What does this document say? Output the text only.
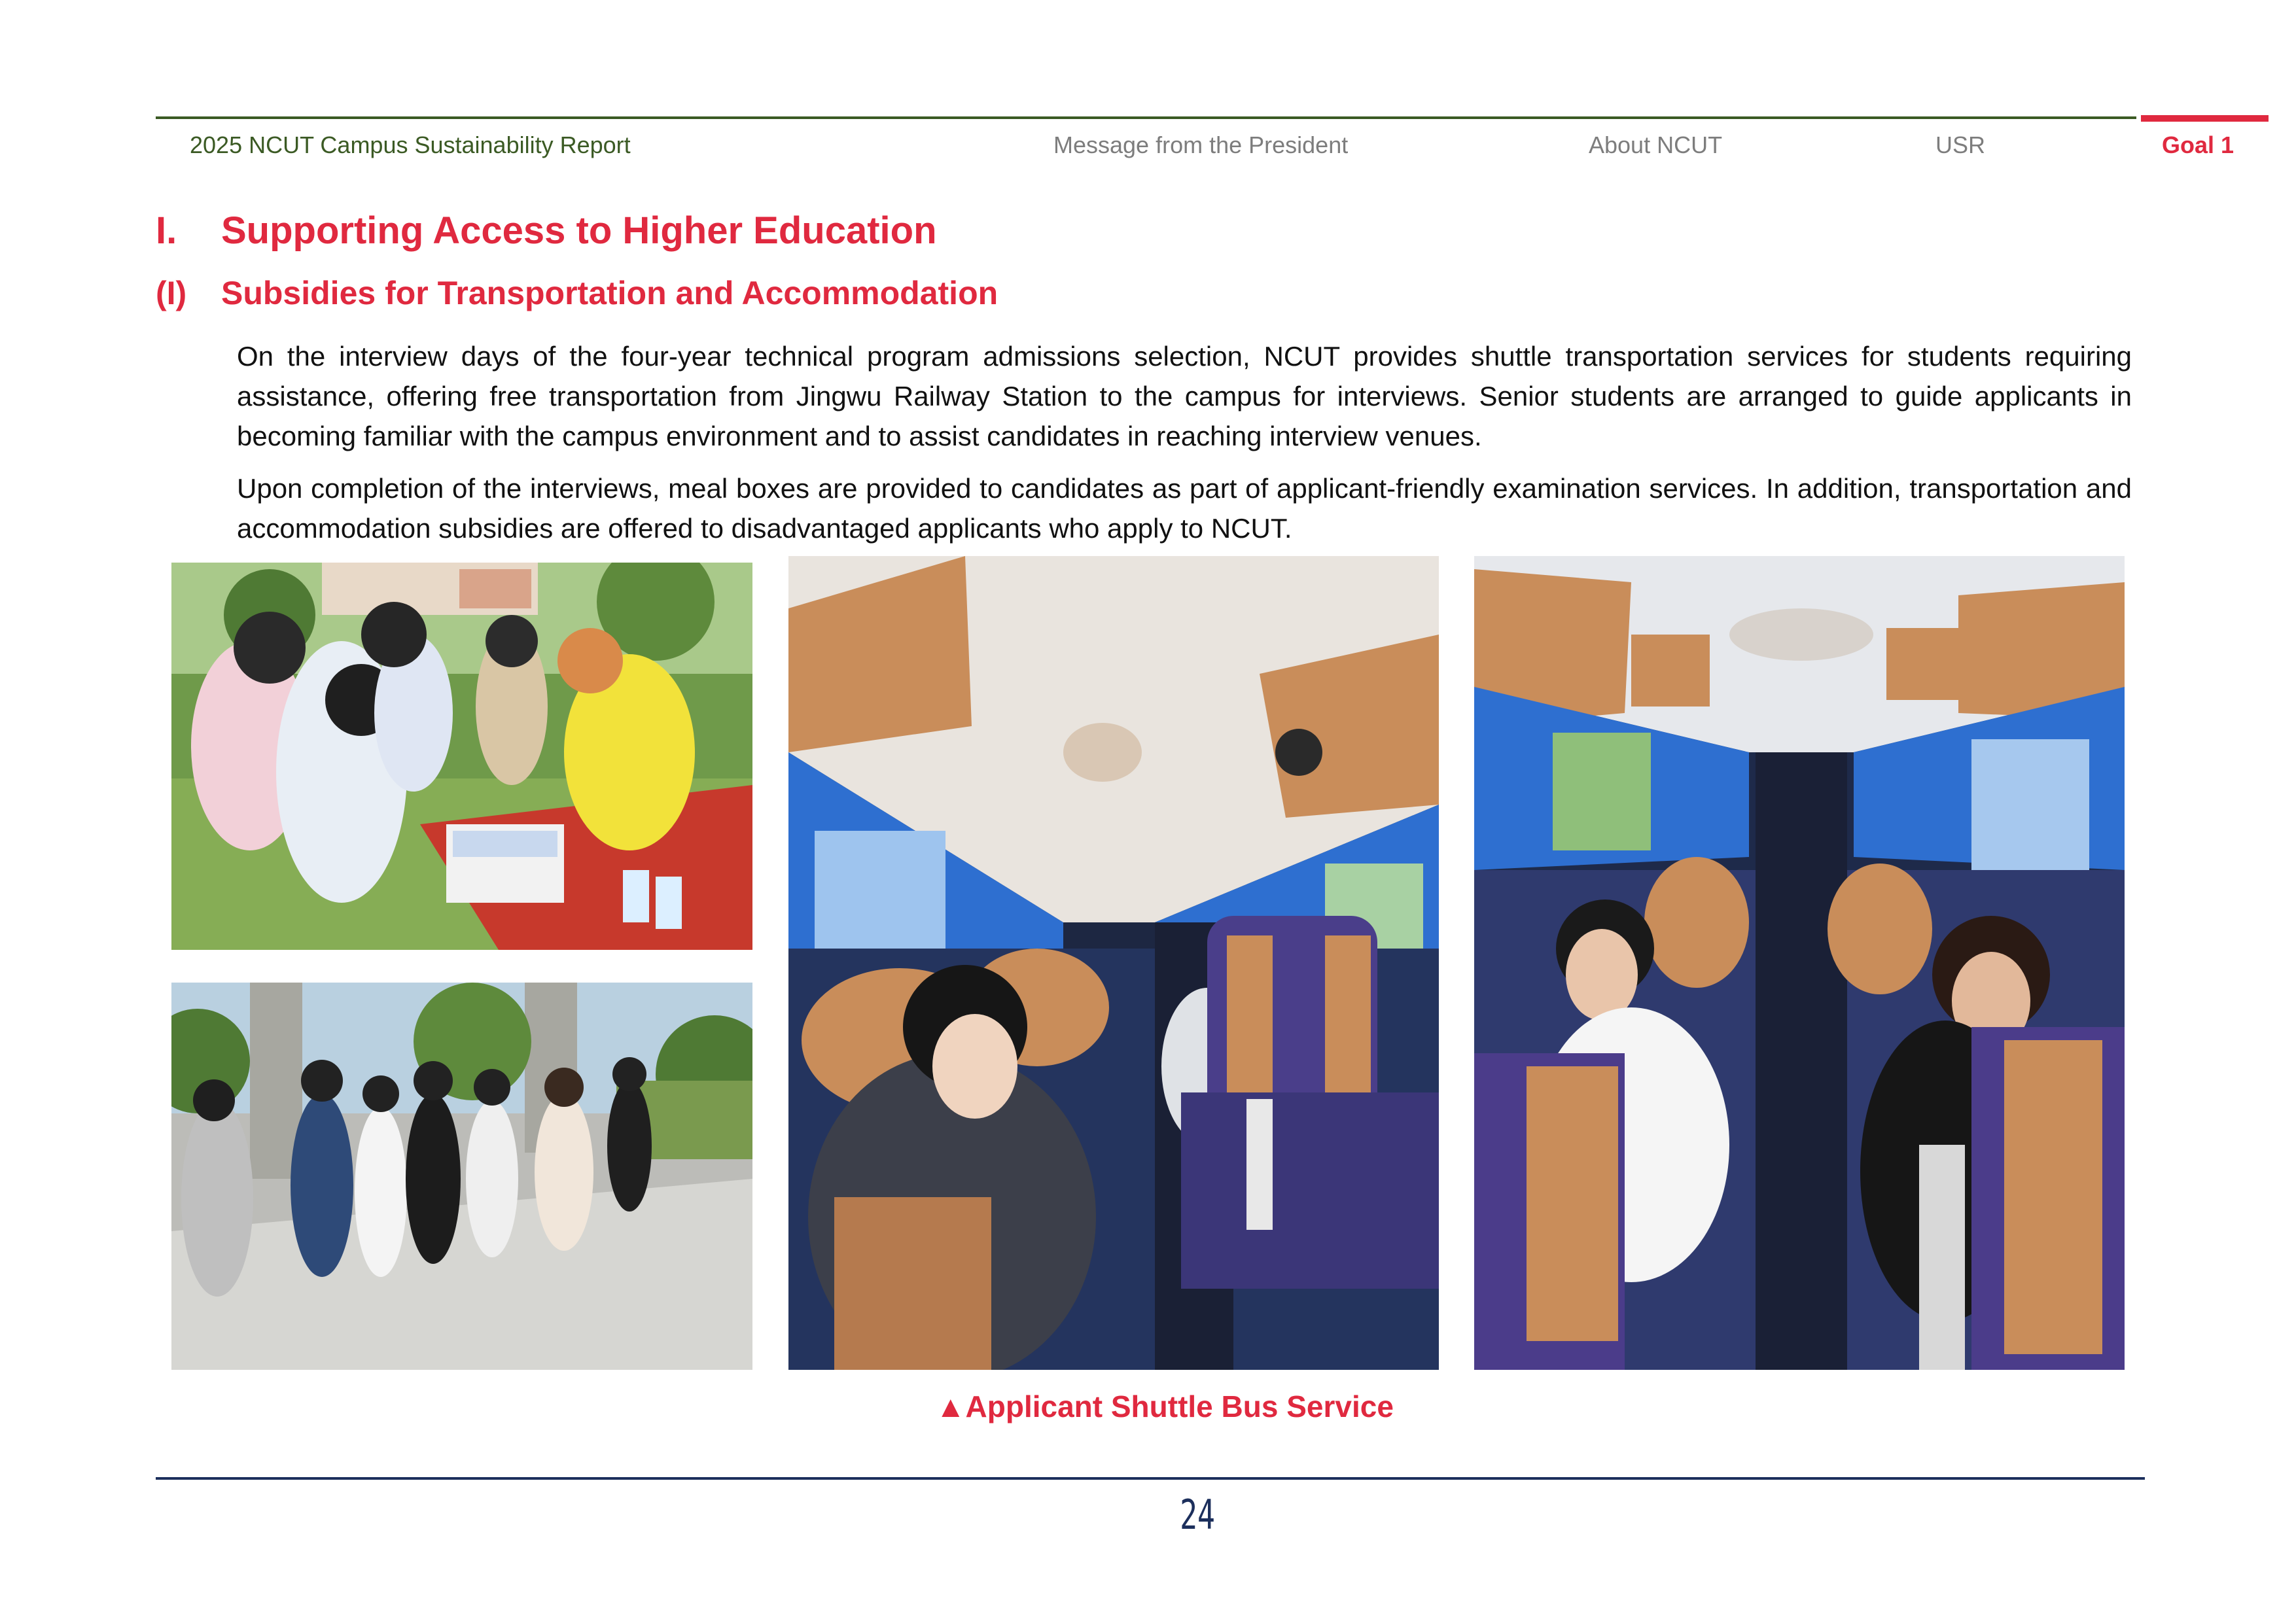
2025 NCUT Campus Sustainability Report	Message from the President	About NCUT	USR	Goal 1
I. Supporting Access to Higher Education
(I) Subsidies for Transportation and Accommodation

On the interview days of the four-year technical program admissions selection, NCUT provides shuttle transportation services for students requiring assistance, offering free transportation from Jingwu Railway Station to the campus for interviews. Senior students are arranged to guide applicants in becoming familiar with the campus environment and to assist candidates in reaching interview venues.

Upon completion of the interviews, meal boxes are provided to candidates as part of applicant-friendly examination services. In addition, transportation and accommodation subsidies are offered to disadvantaged applicants who apply to NCUT.

▲Applicant Shuttle Bus Service
24
